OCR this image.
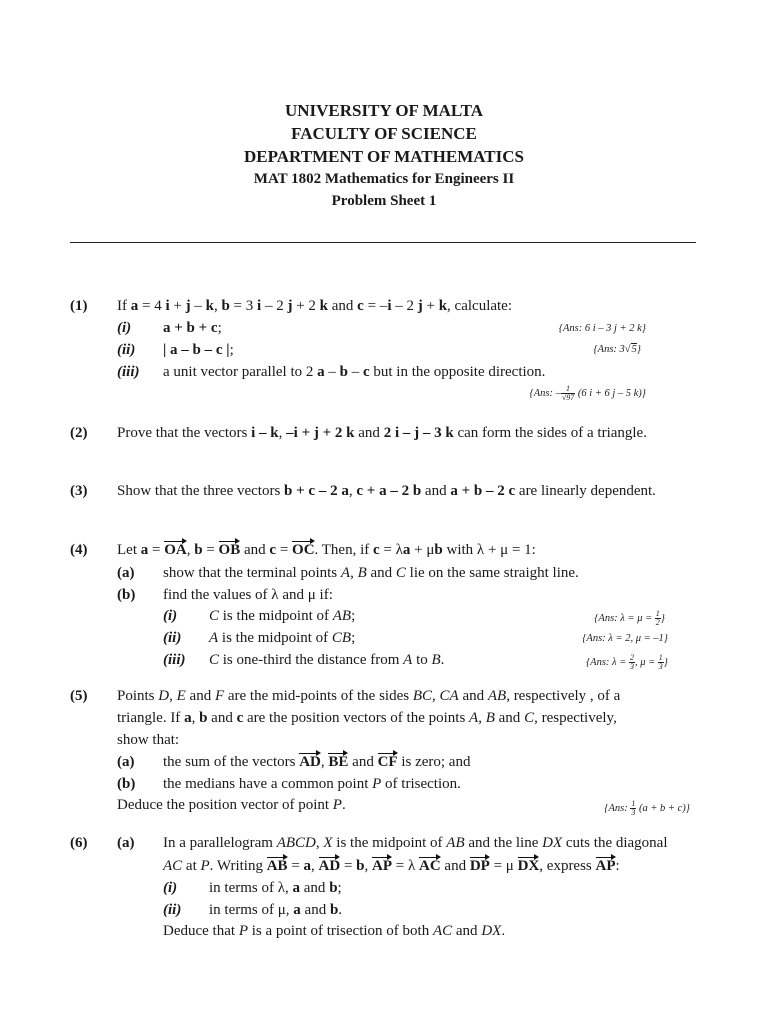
UNIVERSITY OF MALTA
FACULTY OF SCIENCE
DEPARTMENT OF MATHEMATICS
MAT 1802 Mathematics for Engineers II
Problem Sheet 1
(1) If a = 4 i + j – k, b = 3 i – 2 j + 2 k and c = –i – 2 j + k, calculate:
(i) a + b + c;	{Ans: 6 i – 3 j + 2 k}
(ii) | a – b – c |;	{Ans: 3√5}
(iii) a unit vector parallel to 2 a – b – c but in the opposite direction.
{Ans: – $\frac{1}{√97} (6$ i + 6 j – 5 k)}
(2) Prove that the vectors i – k, –i + j + 2 k and 2 i – j – 3 k can form the sides of a triangle.
(3) Show that the three vectors b + c – 2 a, c + a – 2 b and a + b – 2 c are linearly dependent.
(4) Let a = OA, b = OB and c = OC. Then, if c = λa + μb with λ + μ = 1:
(a) show that the terminal points A, B and C lie on the same straight line.
(b) find the values of λ and μ if:
(i) C is the midpoint of AB;	{Ans: $\lambda = \mu = \frac{1}{2}$ }
(ii) A is the midpoint of CB;	{Ans: λ = 2, μ = –1}
(iii) C is one-third the distance from A to B.	{Ans: $\lambda = \frac{2}{3}$ , $\mu = \frac{1}{3}$ }
(5) Points D, E and F are the mid-points of the sides BC, CA and AB, respectively , of a
triangle. If a, b and c are the position vectors of the points A, B and C, respectively,
show that:
(a) the sum of the vectors AD, BE and CF is zero; and
(b) the medians have a common point P of trisection.
Deduce the position vector of point P.	{Ans: $\frac{1}{3} (a + b + c)$}
(6) (a) In a parallelogram ABCD, X is the midpoint of AB and the line DX cuts the diagonal
AC at P. Writing AB = a, AD = b, AP = λ AC and DP = μ DX, express AP:
(i) in terms of λ, a and b;
(ii) in terms of μ, a and b.
Deduce that P is a point of trisection of both AC and DX.
